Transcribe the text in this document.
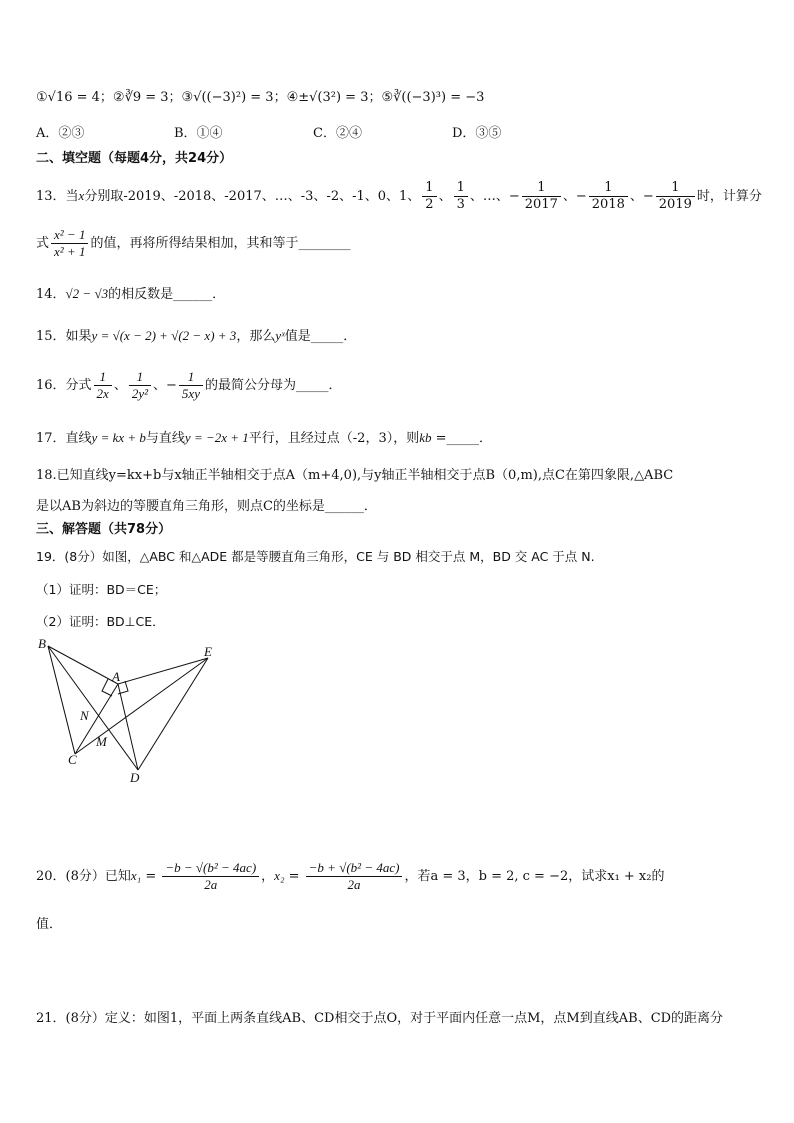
①√16 = 4；②∛9 = 3；③√((−3)²) = 3；④±√(3²) = 3；⑤∛((−3)³) = −3
A．②③	B．①④	C．②④	D．③⑤
二、填空题（每题4分，共24分）
13．当x分别取-2019、-2018、-2017、…、-3、-2、-1、0、1、 $\frac{1}{2}$ 、 $\frac{1}{3}$ 、…、− $\frac{1}{2017}$ 、− $\frac{1}{2018}$ 、− $\frac{1}{2019}$ 时，计算分
式 $\frac{\text{x² − 1}}{\text{x² + 1}}$ 的值，再将所得结果相加，其和等于________
14．√2 − √3的相反数是______．
15．如果y = √(x − 2) + √(2 − x) + 3，那么yˣ值是_____．
16．分式 $\frac{1}{2x}$ 、 $\frac{1}{\text{2y²}}$ 、− $\frac{1}{5xy}$ 的最简公分母为_____．
17．直线y = kx + b与直线y = −2x + 1平行，且经过点（-2，3），则kb =_____．
18.已知直线y=kx+b与x轴正半轴相交于点A（m+4,0),与y轴正半轴相交于点B（0,m),点C在第四象限,△ABC
是以AB为斜边的等腰直角三角形，则点C的坐标是______．
三、解答题（共78分）
19．(8分）如图，△ABC 和△ADE 都是等腰直角三角形，CE 与 BD 相交于点 M，BD 交 AC 于点 N.
（1）证明：BD＝CE；
（2）证明：BD⊥CE．
B
E
A
N
M
C
D
20．(8分）已知$x_1 = \frac{\text{−b − √(b² − 4ac)}}{2a}$ ，$x_2 = \frac{\text{−b + √(b² − 4ac)}}{2a}$ ，若a = 3，b = 2, c = −2，试求x₁ + x₂的
值．
21．(8分）定义：如图1，平面上两条直线AB、CD相交于点O，对于平面内任意一点M，点M到直线AB、CD的距离分
